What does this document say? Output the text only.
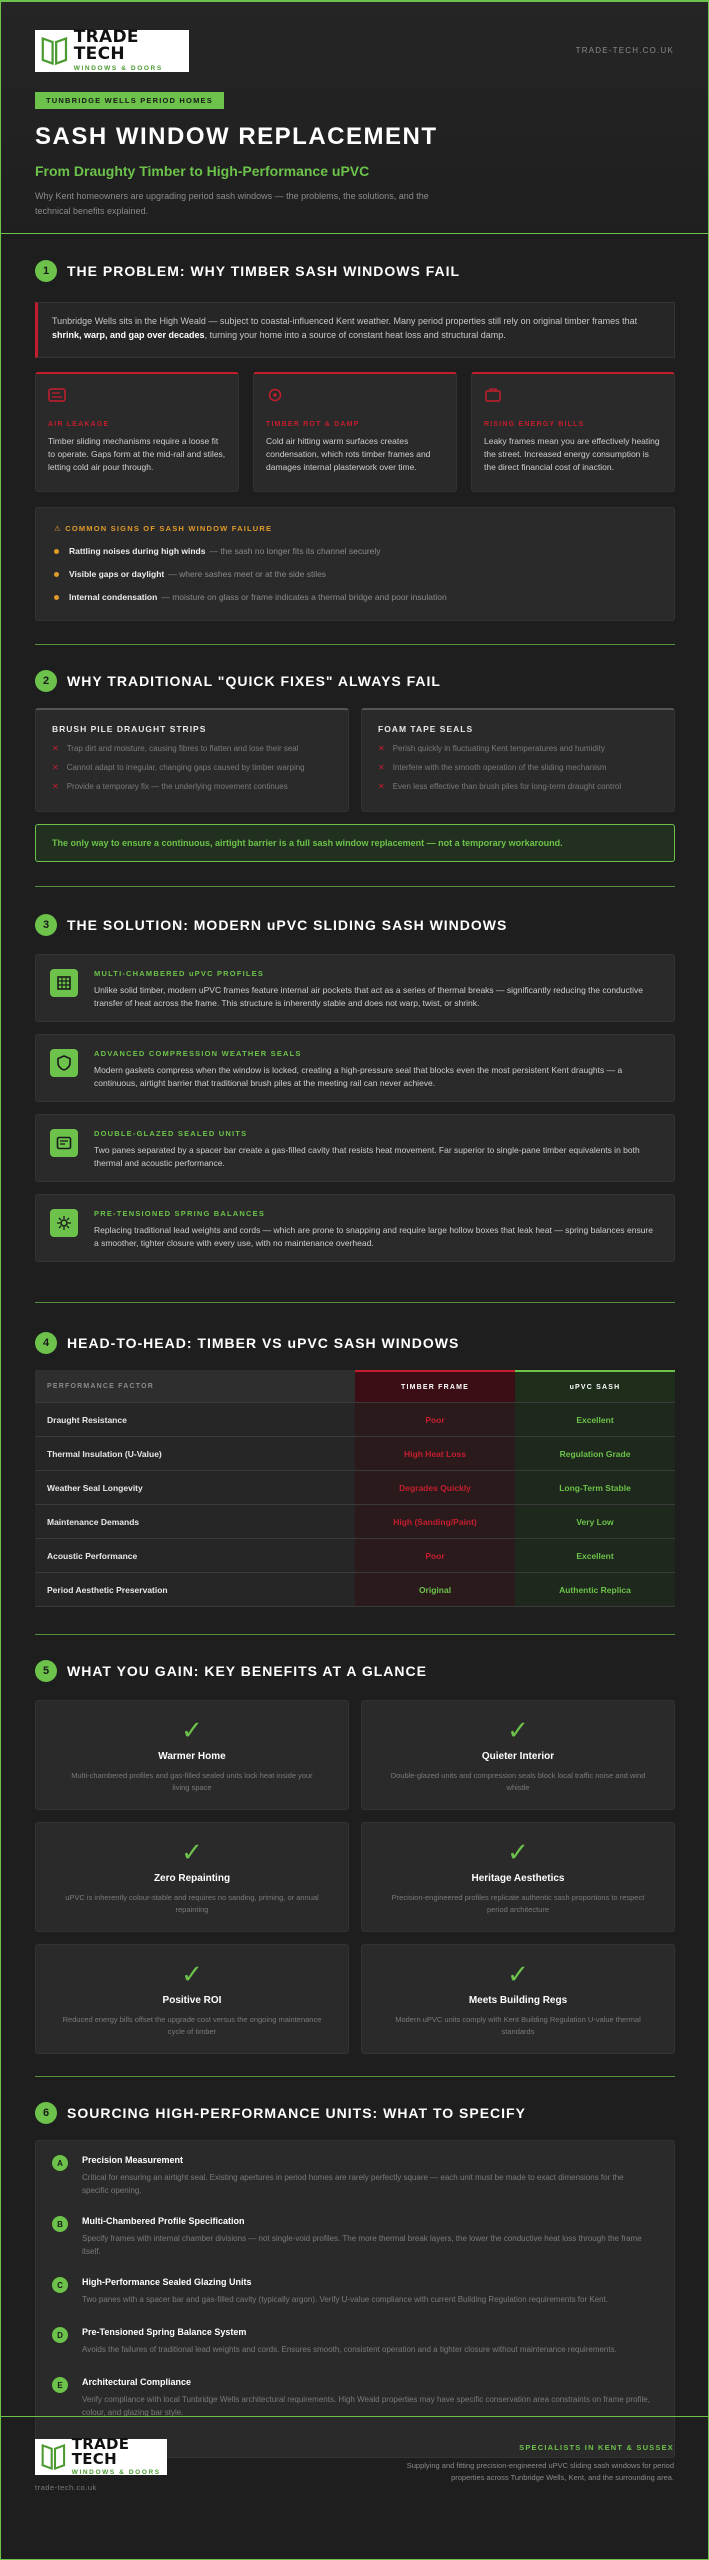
TRADE TECH
WINDOWS & DOORS
TRADE-TECH.CO.UK
TUNBRIDGE WELLS PERIOD HOMES
SASH WINDOW REPLACEMENT
From Draughty Timber to High-Performance uPVC
Why Kent homeowners are upgrading period sash windows — the problems, the solutions, and the technical benefits explained.
1	THE PROBLEM: WHY TIMBER SASH WINDOWS FAIL
Tunbridge Wells sits in the High Weald — subject to coastal-influenced Kent weather. Many period properties still rely on original timber frames that shrink, warp, and gap over decades, turning your home into a source of constant heat loss and structural damp.
AIR LEAKAGE
Timber sliding mechanisms require a loose fit to operate. Gaps form at the mid-rail and stiles, letting cold air pour through.
TIMBER ROT & DAMP
Cold air hitting warm surfaces creates condensation, which rots timber frames and damages internal plasterwork over time.
RISING ENERGY BILLS
Leaky frames mean you are effectively heating the street. Increased energy consumption is the direct financial cost of inaction.
⚠ COMMON SIGNS OF SASH WINDOW FAILURE
Rattling noises during high winds — the sash no longer fits its channel securely
Visible gaps or daylight — where sashes meet or at the side stiles
Internal condensation — moisture on glass or frame indicates a thermal bridge and poor insulation
2	WHY TRADITIONAL "QUICK FIXES" ALWAYS FAIL
BRUSH PILE DRAUGHT STRIPS
✕ Trap dirt and moisture, causing fibres to flatten and lose their seal
✕ Cannot adapt to irregular, changing gaps caused by timber warping
✕ Provide a temporary fix — the underlying movement continues
FOAM TAPE SEALS
✕ Perish quickly in fluctuating Kent temperatures and humidity
✕ Interfere with the smooth operation of the sliding mechanism
✕ Even less effective than brush piles for long-term draught control
The only way to ensure a continuous, airtight barrier is a full sash window replacement — not a temporary workaround.
3	THE SOLUTION: MODERN uPVC SLIDING SASH WINDOWS
MULTI-CHAMBERED uPVC PROFILES
Unlike solid timber, modern uPVC frames feature internal air pockets that act as a series of thermal breaks — significantly reducing the conductive transfer of heat across the frame. This structure is inherently stable and does not warp, twist, or shrink.
ADVANCED COMPRESSION WEATHER SEALS
Modern gaskets compress when the window is locked, creating a high-pressure seal that blocks even the most persistent Kent draughts — a continuous, airtight barrier that traditional brush piles at the meeting rail can never achieve.
DOUBLE-GLAZED SEALED UNITS
Two panes separated by a spacer bar create a gas-filled cavity that resists heat movement. Far superior to single-pane timber equivalents in both thermal and acoustic performance.
PRE-TENSIONED SPRING BALANCES
Replacing traditional lead weights and cords — which are prone to snapping and require large hollow boxes that leak heat — spring balances ensure a smoother, tighter closure with every use, with no maintenance overhead.
4	HEAD-TO-HEAD: TIMBER VS uPVC SASH WINDOWS
PERFORMANCE FACTOR	TIMBER FRAME	uPVC SASH
Draught Resistance	Poor	Excellent
Thermal Insulation (U-Value)	High Heat Loss	Regulation Grade
Weather Seal Longevity	Degrades Quickly	Long-Term Stable
Maintenance Demands	High (Sanding/Paint)	Very Low
Acoustic Performance	Poor	Excellent
Period Aesthetic Preservation	Original	Authentic Replica
5	WHAT YOU GAIN: KEY BENEFITS AT A GLANCE
✓
Warmer Home
Multi-chambered profiles and gas-filled sealed units lock heat inside your living space
✓
Quieter Interior
Double-glazed units and compression seals block local traffic noise and wind whistle
✓
Zero Repainting
uPVC is inherently colour-stable and requires no sanding, priming, or annual repainting
✓
Heritage Aesthetics
Precision-engineered profiles replicate authentic sash proportions to respect period architecture
✓
Positive ROI
Reduced energy bills offset the upgrade cost versus the ongoing maintenance cycle of timber
✓
Meets Building Regs
Modern uPVC units comply with Kent Building Regulation U-value thermal standards
6	SOURCING HIGH-PERFORMANCE UNITS: WHAT TO SPECIFY
A	Precision Measurement
Critical for ensuring an airtight seal. Existing apertures in period homes are rarely perfectly square — each unit must be made to exact dimensions for the specific opening.
B	Multi-Chambered Profile Specification
Specify frames with internal chamber divisions — not single-void profiles. The more thermal break layers, the lower the conductive heat loss through the frame itself.
C	High-Performance Sealed Glazing Units
Two panes with a spacer bar and gas-filled cavity (typically argon). Verify U-value compliance with current Building Regulation requirements for Kent.
D	Pre-Tensioned Spring Balance System
Avoids the failures of traditional lead weights and cords. Ensures smooth, consistent operation and a tighter closure without maintenance requirements.
E	Architectural Compliance
Verify compliance with local Tunbridge Wells architectural requirements. High Weald properties may have specific conservation area constraints on frame profile, colour, and glazing bar style.
TRADE TECH
WINDOWS & DOORS
trade-tech.co.uk
SPECIALISTS IN KENT & SUSSEX
Supplying and fitting precision-engineered uPVC sliding sash windows for period properties across Tunbridge Wells, Kent, and the surrounding area.
